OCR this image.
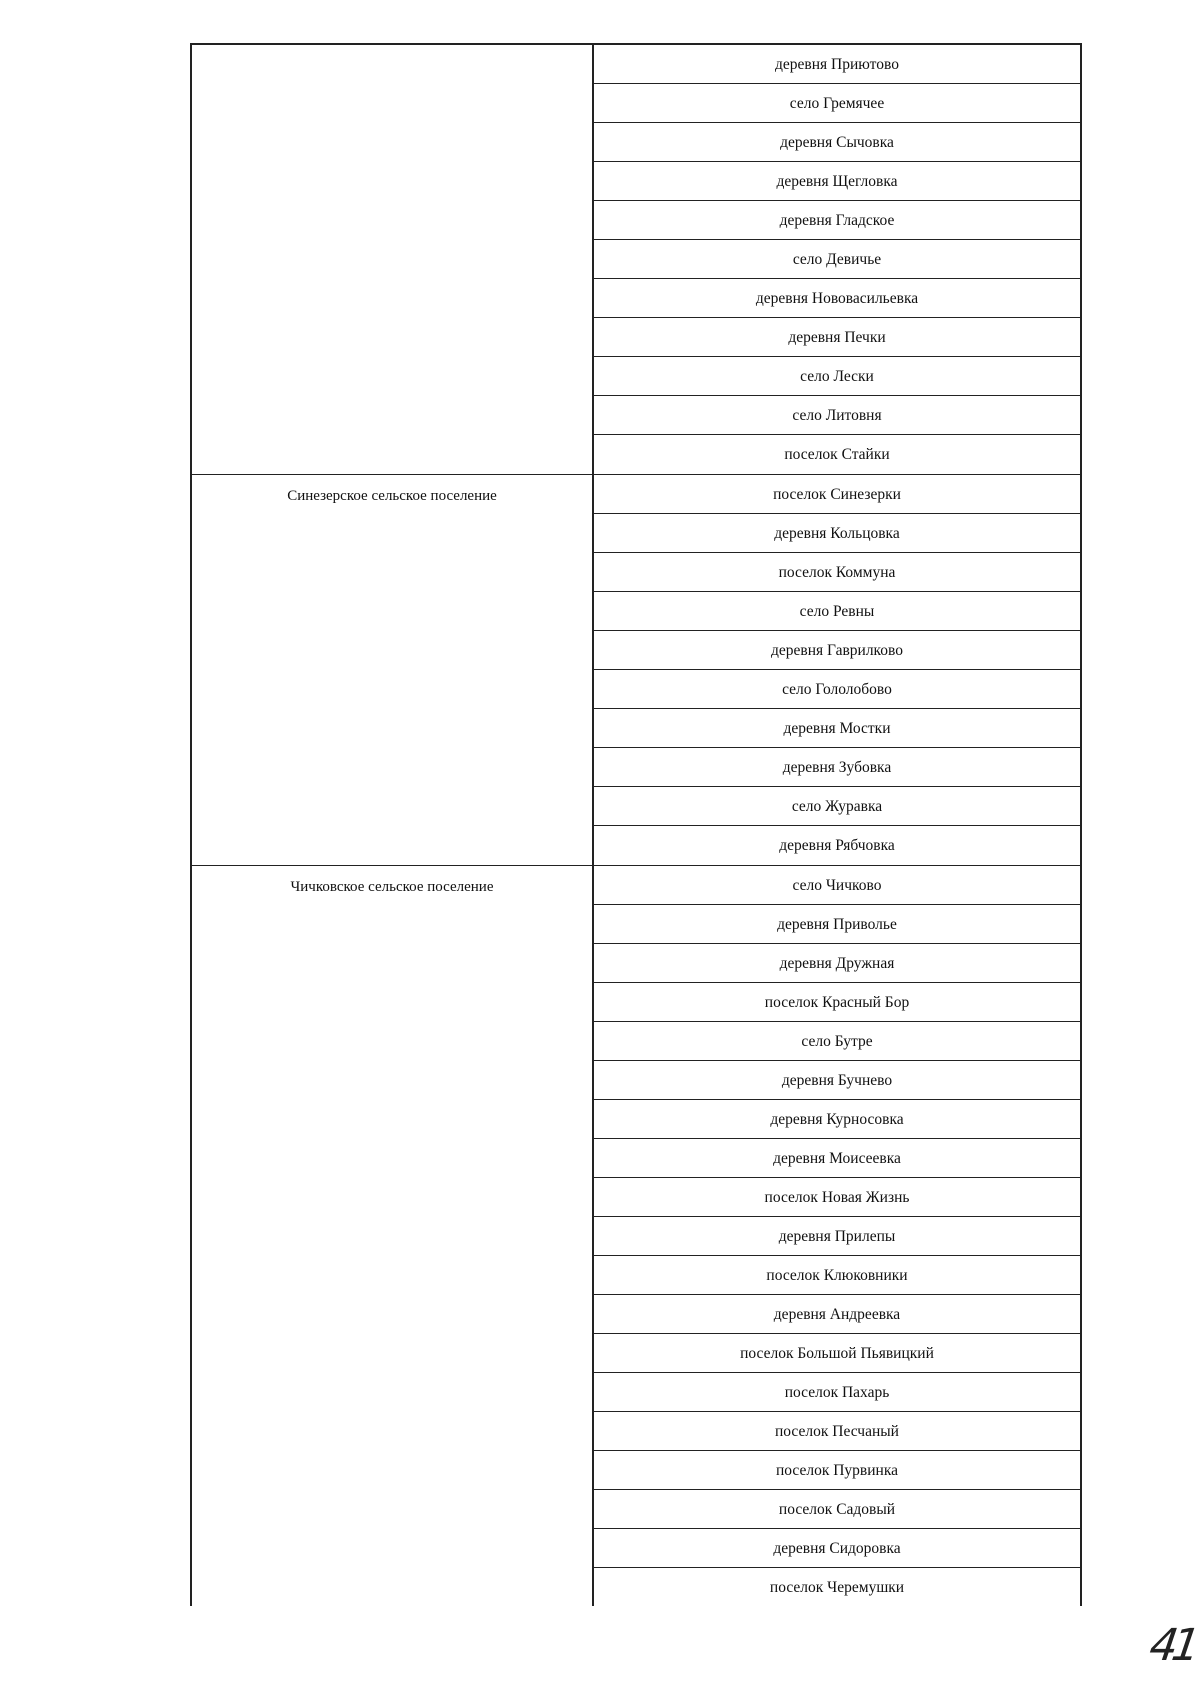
деревня Приютово
село Гремячее
деревня Сычовка
деревня Щегловка
деревня Гладское
село Девичье
деревня Нововасильевка
деревня Печки
село Лески
село Литовня
поселок Стайки
Синезерское сельское поселение	поселок Синезерки
деревня Кольцовка
поселок Коммуна
село Ревны
деревня Гаврилково
село Гололобово
деревня Мостки
деревня Зубовка
село Журавка
деревня Рябчовка
Чичковское сельское поселение	село Чичково
деревня Приволье
деревня Дружная
поселок Красный Бор
село Бутре
деревня Бучнево
деревня Курносовка
деревня Моисеевка
поселок Новая Жизнь
деревня Прилепы
поселок Клюковники
деревня Андреевка
поселок Большой Пьявицкий
поселок Пахарь
поселок Песчаный
поселок Пурвинка
поселок Садовый
деревня Сидоровка
поселок Черемушки
41
